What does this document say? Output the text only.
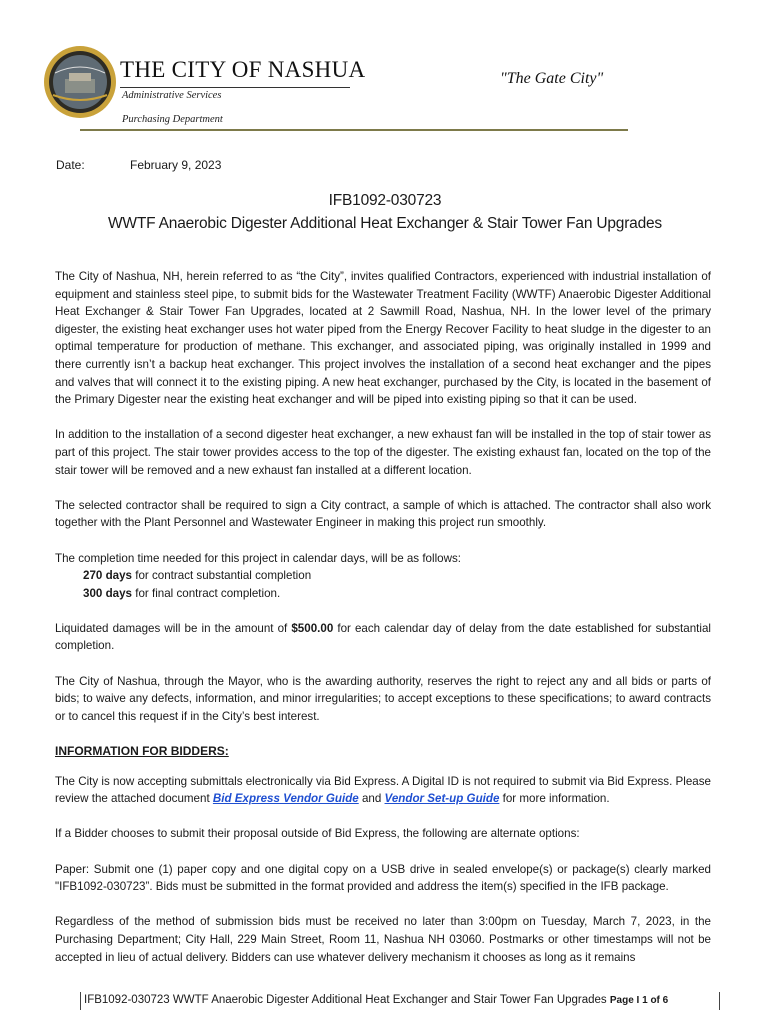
THE CITY OF NASHUA	"The Gate City"
Administrative Services
Purchasing Department
Date:	February 9, 2023
IFB1092-030723
WWTF Anaerobic Digester Additional Heat Exchanger & Stair Tower Fan Upgrades

The City of Nashua, NH, herein referred to as “the City”, invites qualified Contractors, experienced with industrial installation of equipment and stainless steel pipe, to submit bids for the Wastewater Treatment Facility (WWTF) Anaerobic Digester Additional Heat Exchanger & Stair Tower Fan Upgrades, located at 2 Sawmill Road, Nashua, NH. In the lower level of the primary digester, the existing heat exchanger uses hot water piped from the Energy Recover Facility to heat sludge in the digester to an optimal temperature for production of methane. This exchanger, and associated piping, was originally installed in 1999 and there currently isn’t a backup heat exchanger. This project involves the installation of a second heat exchanger and the pipes and valves that will connect it to the existing piping. A new heat exchanger, purchased by the City, is located in the basement of the Primary Digester near the existing heat exchanger and will be piped into existing piping so that it can be used.

In addition to the installation of a second digester heat exchanger, a new exhaust fan will be installed in the top of stair tower as part of this project. The stair tower provides access to the top of the digester. The existing exhaust fan, located on the top of the stair tower will be removed and a new exhaust fan installed at a different location.

The selected contractor shall be required to sign a City contract, a sample of which is attached. The contractor shall also work together with the Plant Personnel and Wastewater Engineer in making this project run smoothly.

The completion time needed for this project in calendar days, will be as follows:

270 days for contract substantial completion

300 days for final contract completion.

Liquidated damages will be in the amount of $500.00 for each calendar day of delay from the date established for substantial completion.

The City of Nashua, through the Mayor, who is the awarding authority, reserves the right to reject any and all bids or parts of bids; to waive any defects, information, and minor irregularities; to accept exceptions to these specifications; to award contracts or to cancel this request if in the City’s best interest.

INFORMATION FOR BIDDERS:

The City is now accepting submittals electronically via Bid Express. A Digital ID is not required to submit via Bid Express. Please review the attached document Bid Express Vendor Guide and Vendor Set-up Guide for more information.

If a Bidder chooses to submit their proposal outside of Bid Express, the following are alternate options:

Paper: Submit one (1) paper copy and one digital copy on a USB drive in sealed envelope(s) or package(s) clearly marked "IFB1092-030723”. Bids must be submitted in the format provided and address the item(s) specified in the IFB package.

Regardless of the method of submission bids must be received no later than 3:00pm on Tuesday, March 7, 2023, in the Purchasing Department; City Hall, 229 Main Street, Room 11, Nashua NH 03060. Postmarks or other timestamps will not be accepted in lieu of actual delivery. Bidders can use whatever delivery mechanism it chooses as long as it remains

IFB1092-030723 WWTF Anaerobic Digester Additional Heat Exchanger and Stair Tower Fan Upgrades Page I 1 of 6
